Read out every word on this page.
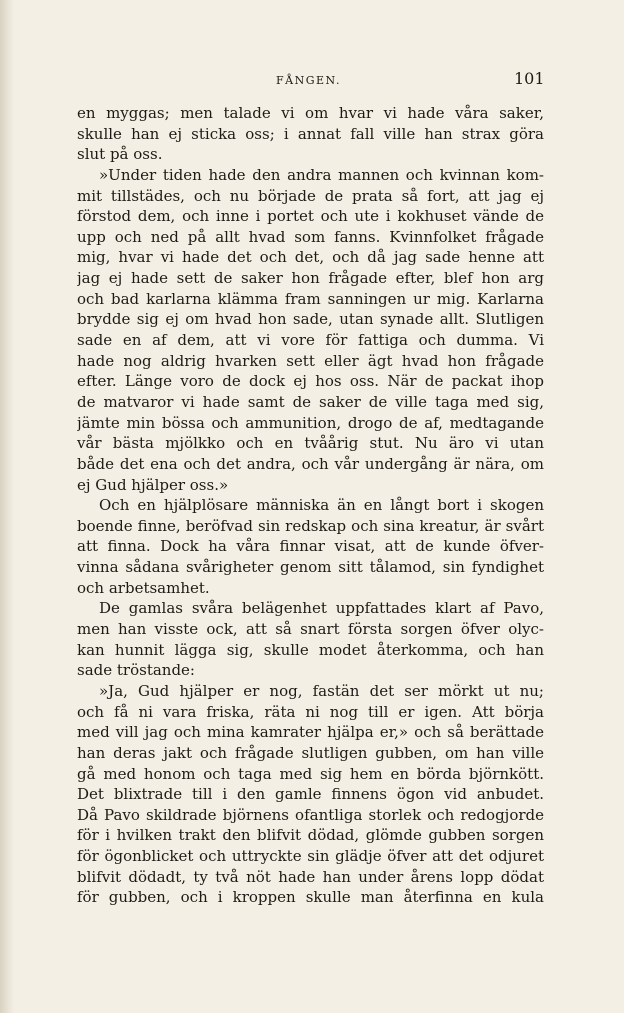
FÅNGEN.	101
en myggas; men talade vi om hvar vi hade våra saker,
skulle han ej sticka oss; i annat fall ville han strax göra
slut på oss.
»Under tiden hade den andra mannen och kvinnan kom-
mit tillstädes, och nu började de prata så fort, att jag ej
förstod dem, och inne i portet och ute i kokhuset vände de
upp och ned på allt hvad som fanns. Kvinnfolket frågade
mig, hvar vi hade det och det, och då jag sade henne att
jag ej hade sett de saker hon frågade efter, blef hon arg
och bad karlarna klämma fram sanningen ur mig. Karlarna
brydde sig ej om hvad hon sade, utan synade allt. Slutligen
sade en af dem, att vi vore för fattiga och dumma. Vi
hade nog aldrig hvarken sett eller ägt hvad hon frågade
efter. Länge voro de dock ej hos oss. När de packat ihop
de matvaror vi hade samt de saker de ville taga med sig,
jämte min bössa och ammunition, drogo de af, medtagande
vår bästa mjölkko och en tvåårig stut. Nu äro vi utan
både det ena och det andra, och vår undergång är nära, om
ej Gud hjälper oss.»
Och en hjälplösare människa än en långt bort i skogen
boende finne, beröfvad sin redskap och sina kreatur, är svårt
att finna. Dock ha våra finnar visat, att de kunde öfver-
vinna sådana svårigheter genom sitt tålamod, sin fyndighet
och arbetsamhet.
De gamlas svåra belägenhet uppfattades klart af Pavo,
men han visste ock, att så snart första sorgen öfver olyc-
kan hunnit lägga sig, skulle modet återkomma, och han
sade tröstande:
»Ja, Gud hjälper er nog, fastän det ser mörkt ut nu;
och få ni vara friska, räta ni nog till er igen. Att börja
med vill jag och mina kamrater hjälpa er,» och så berättade
han deras jakt och frågade slutligen gubben, om han ville
gå med honom och taga med sig hem en börda björnkött.
Det blixtrade till i den gamle finnens ögon vid anbudet.
Då Pavo skildrade björnens ofantliga storlek och redogjorde
för i hvilken trakt den blifvit dödad, glömde gubben sorgen
för ögonblicket och uttryckte sin glädje öfver att det odjuret
blifvit dödadt, ty två nöt hade han under årens lopp dödat
för gubben, och i kroppen skulle man återfinna en kula
